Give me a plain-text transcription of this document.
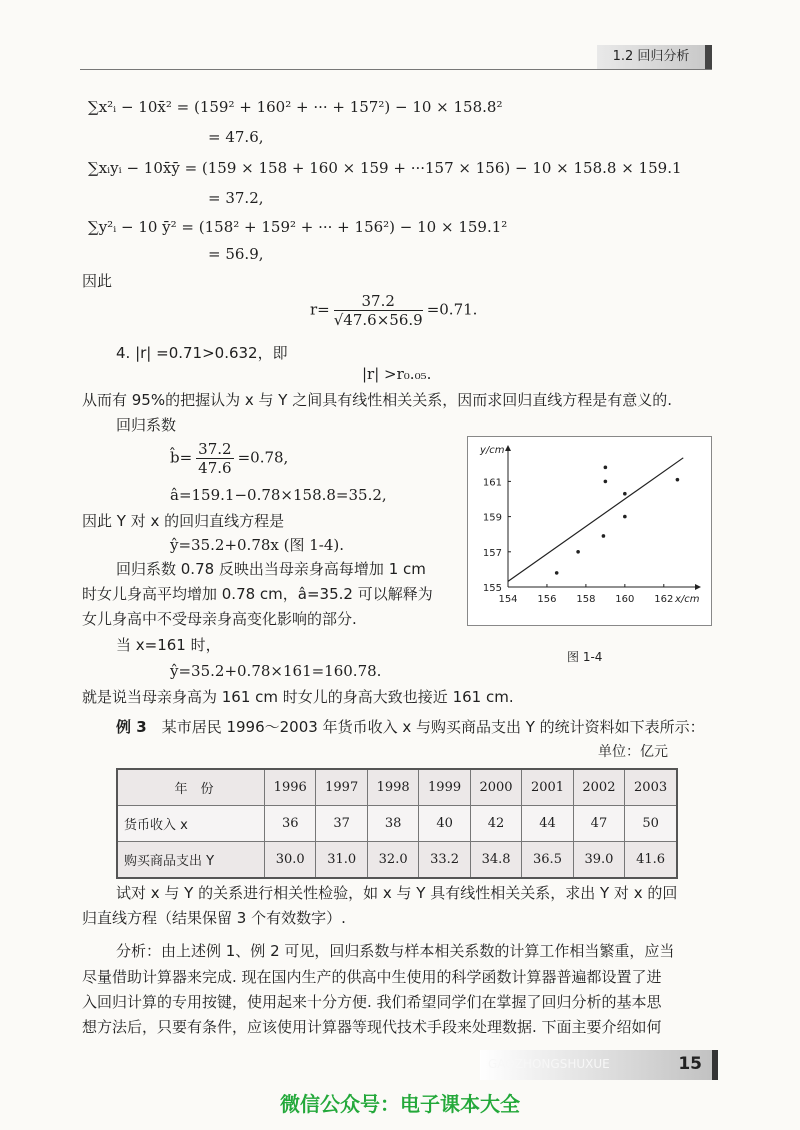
1.2 回归分析
∑x²ᵢ − 10x̄² = (159² + 160² + ··· + 157²) − 10 × 158.8²
= 47.6,
∑xᵢyᵢ − 10x̄ȳ = (159 × 158 + 160 × 159 + ···157 × 156) − 10 × 158.8 × 159.1
= 37.2,
∑y²ᵢ − 10 ȳ² = (158² + 159² + ··· + 156²) − 10 × 159.1²
= 56.9,
因此
$r= \frac{37.2}{√47.6\times 56.9} =0.71$.
4. |r| =0.71>0.632，即
|r| >r₀.₀₅.
从而有 95%的把握认为 x 与 Y 之间具有线性相关关系，因而求回归直线方程是有意义的.
回归系数
b̂= $\frac{37.2}{47.6} =0.78$,
â=159.1−0.78×158.8=35.2,
因此 Y 对 x 的回归直线方程是
ŷ=35.2+0.78x (图 1-4).
回归系数 0.78 反映出当母亲身高每增加 1 cm
时女儿身高平均增加 0.78 cm，â=35.2 可以解释为
女儿身高中不受母亲身高变化影响的部分.
当 x=161 时，
ŷ=35.2+0.78×161=160.78.
就是说当母亲身高为 161 cm 时女儿的身高大致也接近 161 cm.
154 156 158 160 162
155
157
159
161
y/cm
x/cm
图 1-4
例 3　 某市居民 1996～2003 年货币收入 x 与购买商品支出 Y 的统计资料如下表所示：
单位：亿元
年　份	1996	1997	1998	1999	2000	2001	2002	2003
货币收入 x	36	37	38	40	42	44	47	50
购买商品支出 Y	30.0	31.0	32.0	33.2	34.8	36.5	39.0	41.6
试对 x 与 Y 的关系进行相关性检验，如 x 与 Y 具有线性相关关系，求出 Y 对 x 的回
归直线方程（结果保留 3 个有效数字）.
分析：由上述例 1、例 2 可见，回归系数与样本相关系数的计算工作相当繁重，应当
尽量借助计算器来完成. 现在国内生产的供高中生使用的科学函数计算器普遍都设置了进
入回归计算的专用按键，使用起来十分方便. 我们希望同学们在掌握了回归分析的基本思
想方法后，只要有条件，应该使用计算器等现代技术手段来处理数据. 下面主要介绍如何
GAOZHONGSHUXUE	15
微信公众号：电子课本大全
